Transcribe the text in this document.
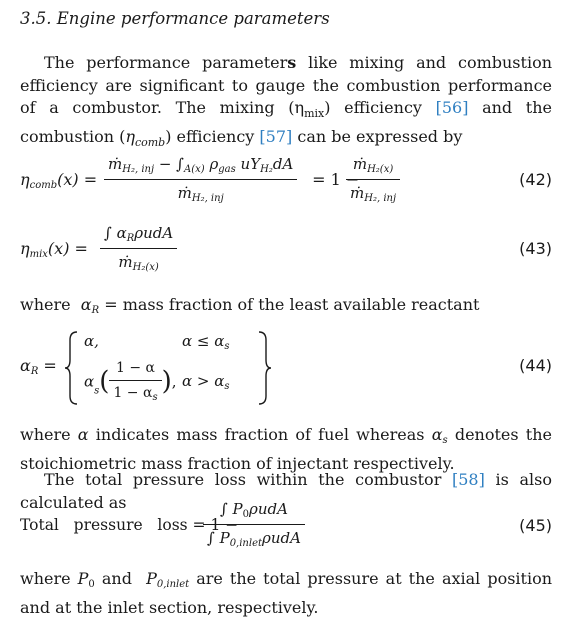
3.5. Engine performance parameters
The performance parameters like mixing and combustion efficiency are significant to gauge the combustion performance of a combustor. The mixing $(\eta_{mix})$ efficiency [56] and the combustion $(\eta_{comb})$ efficiency [57] can be expressed by
$\eta_{comb}(x) = \frac{ṁ_{H_2, inj} - \int_{A(x)} \rho_{gas} uY_{H_2}dA}{ṁ_{H_2, inj}} = 1$ −
$\frac{ṁ_{H_2(x)}}{ṁ_{H_2, inj}}$	(42)
$\eta_{mix}(x) = \frac{\int \alpha_R\rho udA}{ṁ_{H_2(x)}}$	(43)
where  $\alpha_R$ = mass fraction of the least available reactant
$\alpha_R$ =
α,	$\alpha \le \alpha_s$
$\alpha_s( \frac{1 - \alpha}{1 - \alpha_s}$ ), $\alpha > \alpha_s$
(44)
where α indicates mass fraction of fuel whereas $\alpha_s$ denotes the stoichiometric mass fraction of injectant respectively.
The total pressure loss within the combustor [58] is also calculated as
Total   pressure   loss = 1 −
$\frac{\int P_0\rho udA}{\int P_{0,inlet}\rho udA}$	(45)
where $P_0$ and  $P_{0,inlet}$ are the total pressure at the axial position and at the inlet section, respectively.
